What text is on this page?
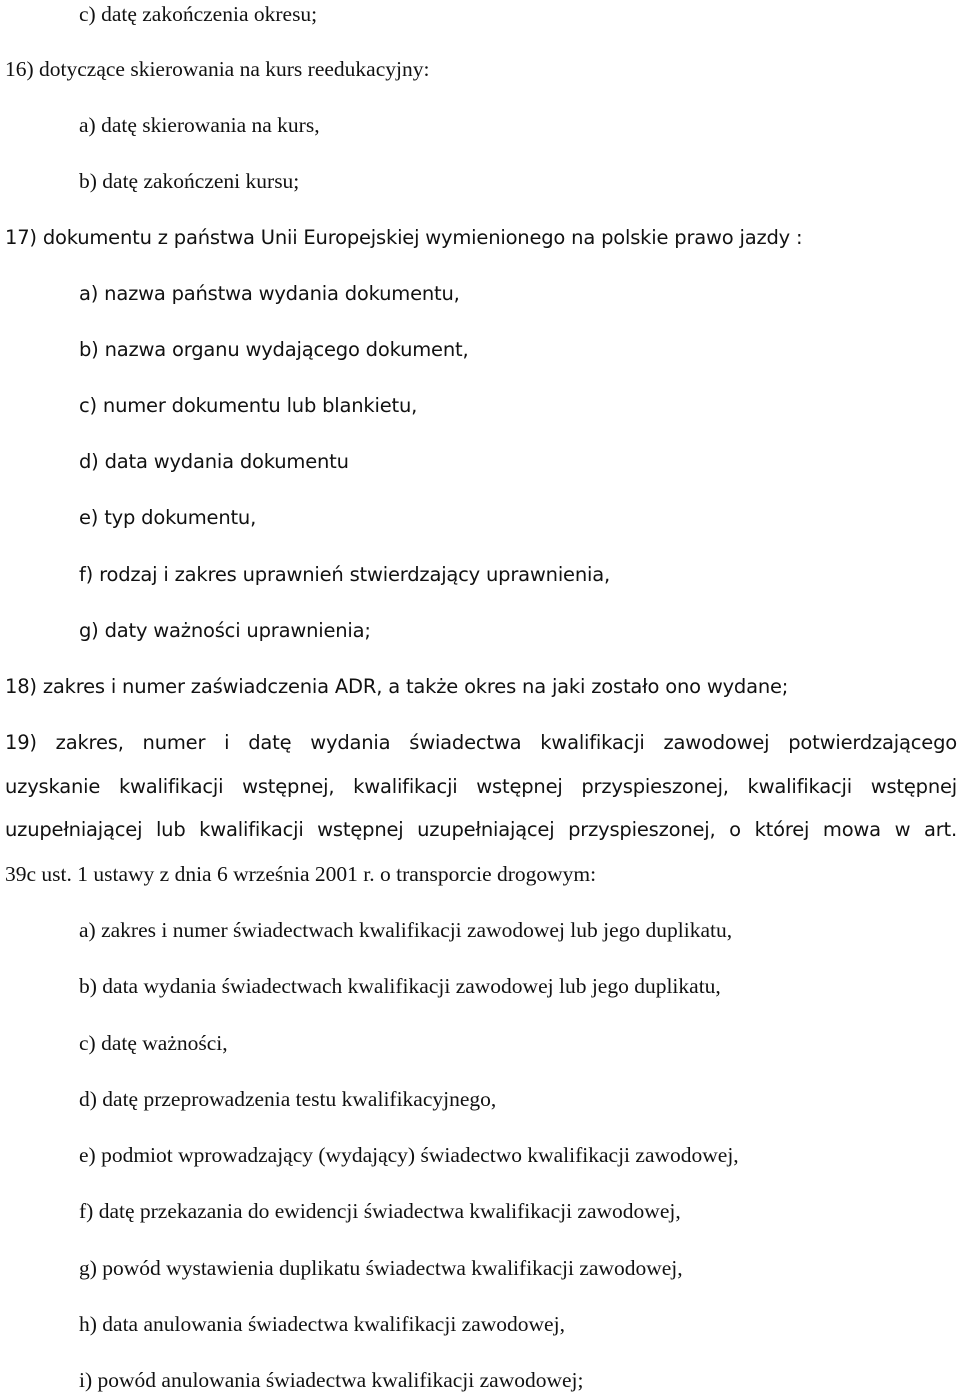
c) datę zakończenia okresu;
16) dotyczące skierowania na kurs reedukacyjny:
a) datę skierowania na kurs,
b) datę zakończeni kursu;
17) dokumentu z państwa Unii Europejskiej wymienionego na polskie prawo jazdy :
a) nazwa państwa wydania dokumentu,
b) nazwa organu wydającego dokument,
c) numer dokumentu lub blankietu,
d) data wydania dokumentu
e) typ dokumentu,
f) rodzaj i zakres uprawnień stwierdzający uprawnienia,
g) daty ważności uprawnienia;
18) zakres i numer zaświadczenia ADR, a także okres na jaki zostało ono wydane;
19) zakres, numer i datę wydania świadectwa kwalifikacji zawodowej potwierdzającego
uzyskanie kwalifikacji wstępnej, kwalifikacji wstępnej przyspieszonej, kwalifikacji wstępnej
uzupełniającej lub kwalifikacji wstępnej uzupełniającej przyspieszonej, o której mowa w art.
39c ust. 1 ustawy z dnia 6 września 2001 r. o transporcie drogowym:
a) zakres i numer świadectwach kwalifikacji zawodowej lub jego duplikatu,
b) data wydania świadectwach kwalifikacji zawodowej lub jego duplikatu,
c) datę ważności,
d) datę przeprowadzenia testu kwalifikacyjnego,
e) podmiot wprowadzający (wydający) świadectwo kwalifikacji zawodowej,
f) datę przekazania do ewidencji świadectwa kwalifikacji zawodowej,
g) powód wystawienia duplikatu świadectwa kwalifikacji zawodowej,
h) data anulowania świadectwa kwalifikacji zawodowej,
i) powód anulowania świadectwa kwalifikacji zawodowej;
